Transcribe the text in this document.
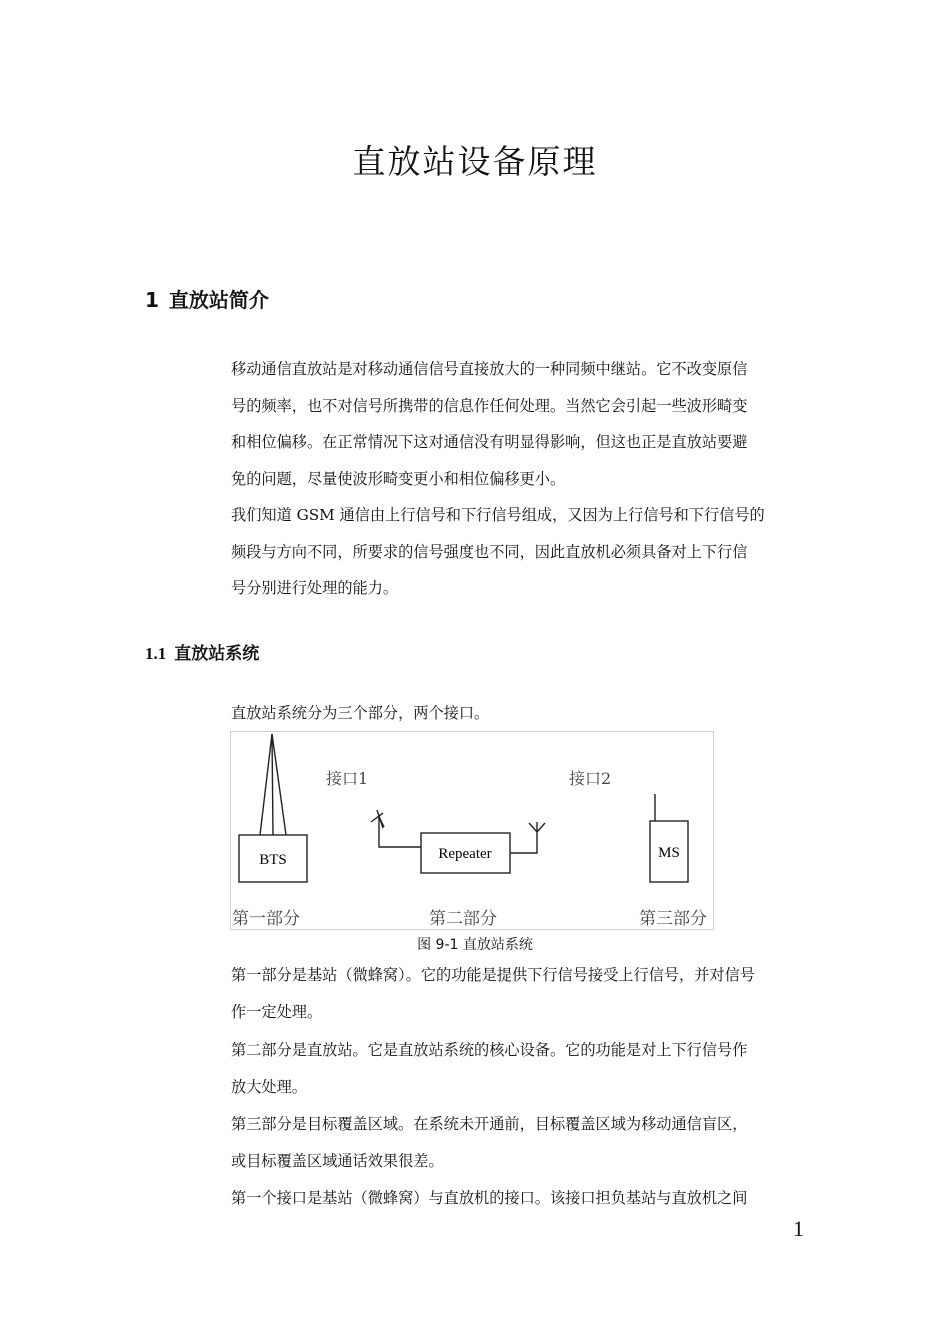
直放站设备原理
1 直放站简介
移动通信直放站是对移动通信信号直接放大的一种同频中继站。它不改变原信
号的频率，也不对信号所携带的信息作任何处理。当然它会引起一些波形畸变
和相位偏移。在正常情况下这对通信没有明显得影响，但这也正是直放站要避
免的问题，尽量使波形畸变更小和相位偏移更小。
我们知道 GSM 通信由上行信号和下行信号组成，又因为上行信号和下行信号的
频段与方向不同，所要求的信号强度也不同，因此直放机必须具备对上下行信
号分别进行处理的能力。
1.1 直放站系统
直放站系统分为三个部分，两个接口。
BTS
接口1	接口2
Repeater	MS
第一部分	第二部分	第三部分
图 9-1 直放站系统
第一部分是基站（微蜂窝）。它的功能是提供下行信号接受上行信号，并对信号
作一定处理。
第二部分是直放站。它是直放站系统的核心设备。它的功能是对上下行信号作
放大处理。
第三部分是目标覆盖区域。在系统未开通前，目标覆盖区域为移动通信盲区，
或目标覆盖区域通话效果很差。
第一个接口是基站（微蜂窝）与直放机的接口。该接口担负基站与直放机之间
1
